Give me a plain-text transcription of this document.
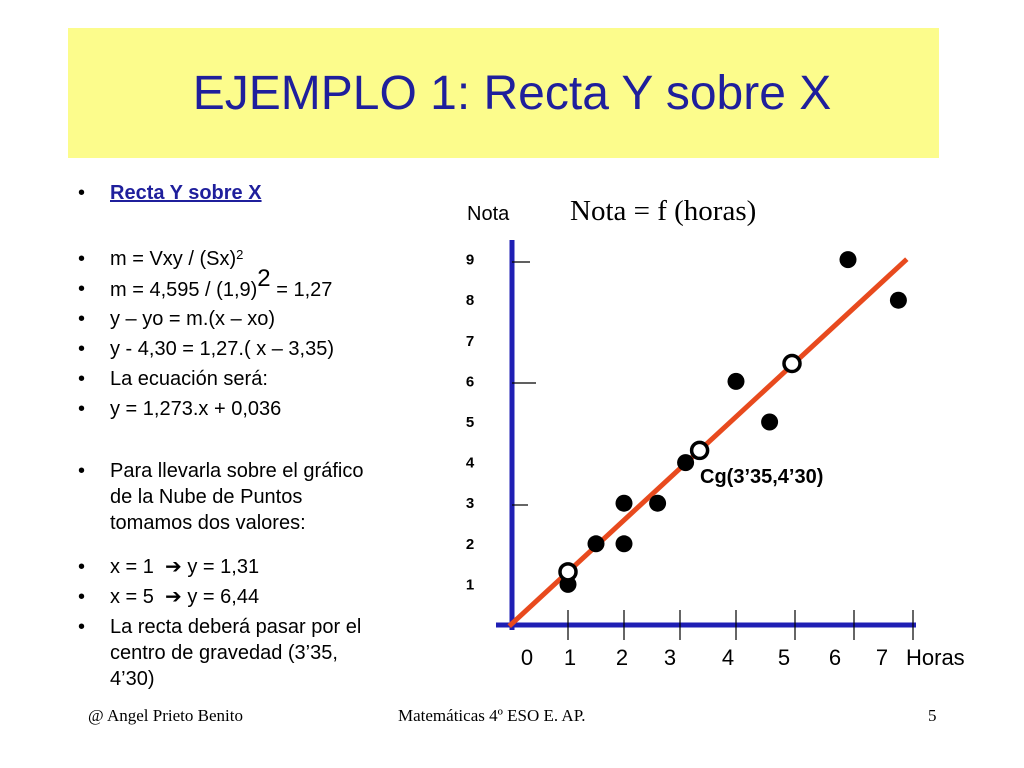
EJEMPLO 1: Recta Y sobre X
• Recta Y sobre X
• m = Vxy / $(Sx)^2$
• m = 4,595 / (1,9)2 = 1,27
• y – yo = m.(x – xo)
• y - 4,30 = 1,27.( x – 3,35)
• La ecuación será:
• y = 1,273.x + 0,036
• Para llevarla sobre el gráfico
de la Nube de Puntos
tomamos dos valores:
• x = 1  ➔ y = 1,31
• x = 5  ➔ y = 6,44
• La recta deberá pasar por el
centro de gravedad (3’35,
4’30)
1
2
3
4
5
6
7
8
9
0 1 2 3 4 5 6 7
Nota
Horas
Nota = f (horas)
Cg(3’35,4’30)
@ Angel Prieto Benito	Matemáticas 4º ESO E. AP.	5
